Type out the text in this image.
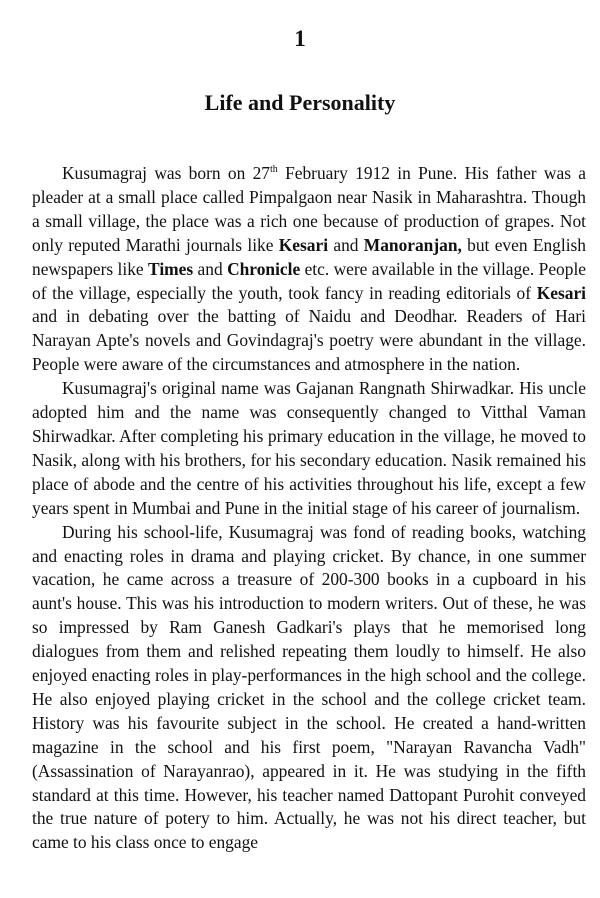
1
Life and Personality

Kusumagraj was born on 27th February 1912 in Pune. His father was a pleader at a small place called Pimpalgaon near Nasik in Maharashtra. Though a small village, the place was a rich one because of production of grapes. Not only reputed Marathi journals like Kesari and Manoranjan, but even English newspapers like Times and Chronicle etc. were available in the village. People of the village, especially the youth, took fancy in reading editorials of Kesari and in debating over the batting of Naidu and Deodhar. Readers of Hari Narayan Apte's novels and Govindagraj's poetry were abundant in the village. People were aware of the circumstances and atmosphere in the nation.

Kusumagraj's original name was Gajanan Rangnath Shirwadkar. His uncle adopted him and the name was consequently changed to Vitthal Vaman Shirwadkar. After completing his primary education in the village, he moved to Nasik, along with his brothers, for his secondary education. Nasik remained his place of abode and the centre of his activities throughout his life, except a few years spent in Mumbai and Pune in the initial stage of his career of journalism.

During his school-life, Kusumagraj was fond of reading books, watching and enacting roles in drama and playing cricket. By chance, in one summer vacation, he came across a treasure of 200-300 books in a cupboard in his aunt's house. This was his introduction to modern writers. Out of these, he was so impressed by Ram Ganesh Gadkari's plays that he memorised long dialogues from them and relished repeating them loudly to himself. He also enjoyed enacting roles in play-performances in the high school and the college. He also enjoyed playing cricket in the school and the college cricket team. History was his favourite subject in the school. He created a hand-written magazine in the school and his first poem, "Narayan Ravancha Vadh" (Assassination of Narayanrao), appeared in it. He was studying in the fifth standard at this time. However, his teacher named Dattopant Purohit conveyed the true nature of potery to him. Actually, he was not his direct teacher, but came to his class once to engage
